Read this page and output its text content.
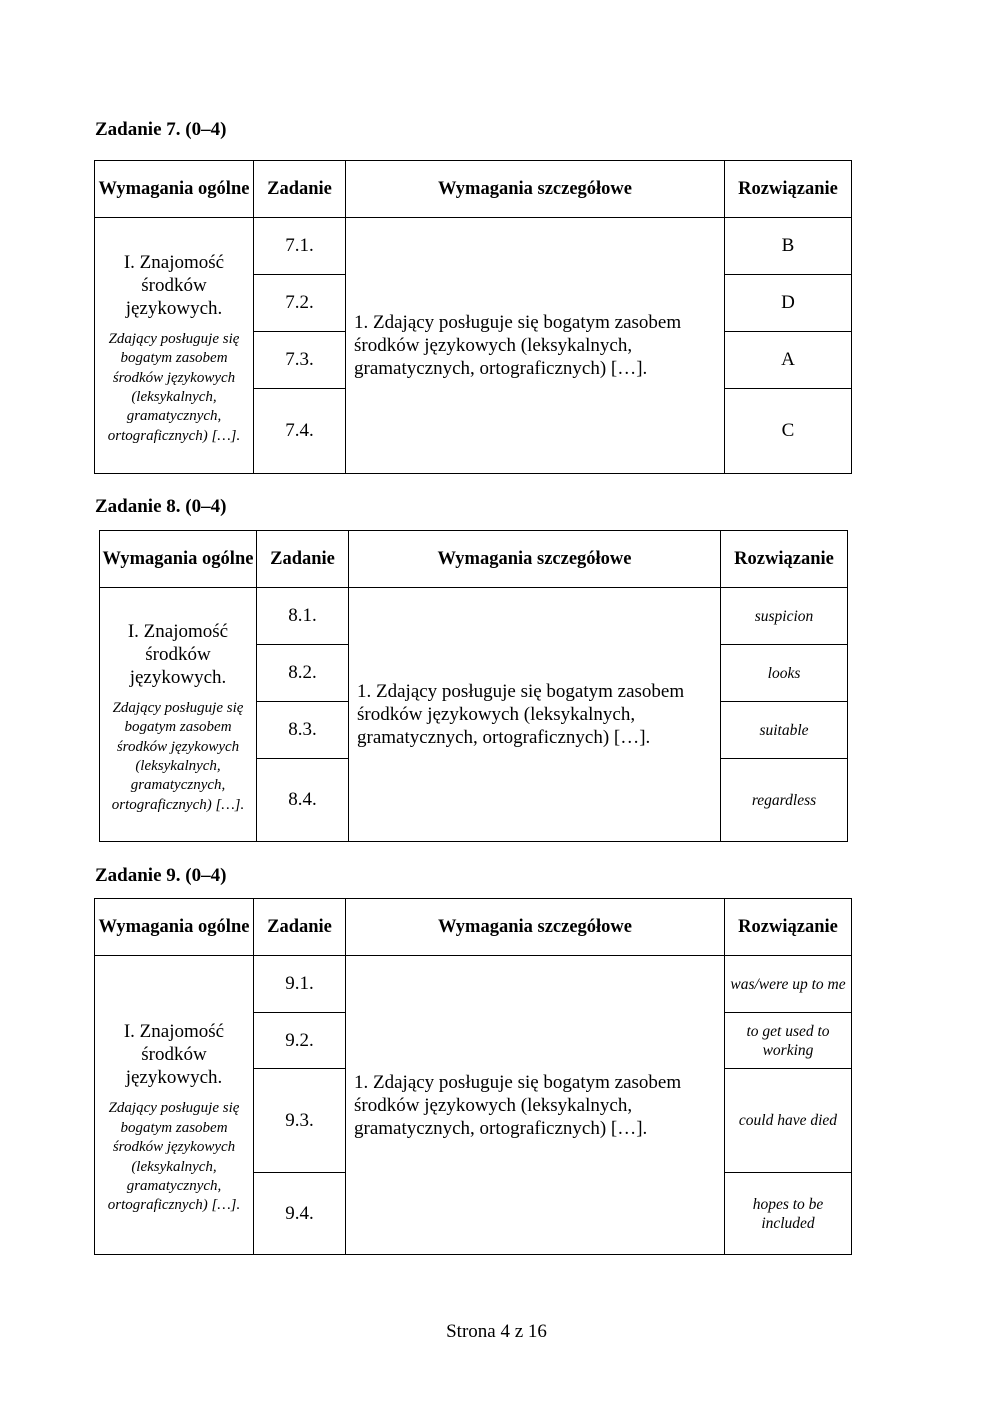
Zadanie 7. (0–4)
Wymagania ogólne	Zadanie	Wymagania szczegółowe	Rozwiązanie

I. Znajomość środków językowych.
Zdający posługuje się bogatym zasobem środków językowych (leksykalnych, gramatycznych, ortograficznych) […].	7.1.	1. Zdający posługuje się bogatym zasobem środków językowych (leksykalnych, gramatycznych, ortograficznych) […].	B
	7.2.		D
	7.3.		A
	7.4.		C
Zadanie 8. (0–4)
Wymagania ogólne	Zadanie	Wymagania szczegółowe	Rozwiązanie

I. Znajomość środków językowych.
Zdający posługuje się bogatym zasobem środków językowych (leksykalnych, gramatycznych, ortograficznych) […].	8.1.	1. Zdający posługuje się bogatym zasobem środków językowych (leksykalnych, gramatycznych, ortograficznych) […].	suspicion
	8.2.		looks
	8.3.		suitable
	8.4.		regardless
Zadanie 9. (0–4)
Wymagania ogólne	Zadanie	Wymagania szczegółowe	Rozwiązanie

I. Znajomość środków językowych.
Zdający posługuje się bogatym zasobem środków językowych (leksykalnych, gramatycznych, ortograficznych) […].	9.1.	1. Zdający posługuje się bogatym zasobem środków językowych (leksykalnych, gramatycznych, ortograficznych) […].	was/were up to me
	9.2.		to get used to working
	9.3.		could have died
	9.4.		hopes to be included
Strona 4 z 16
